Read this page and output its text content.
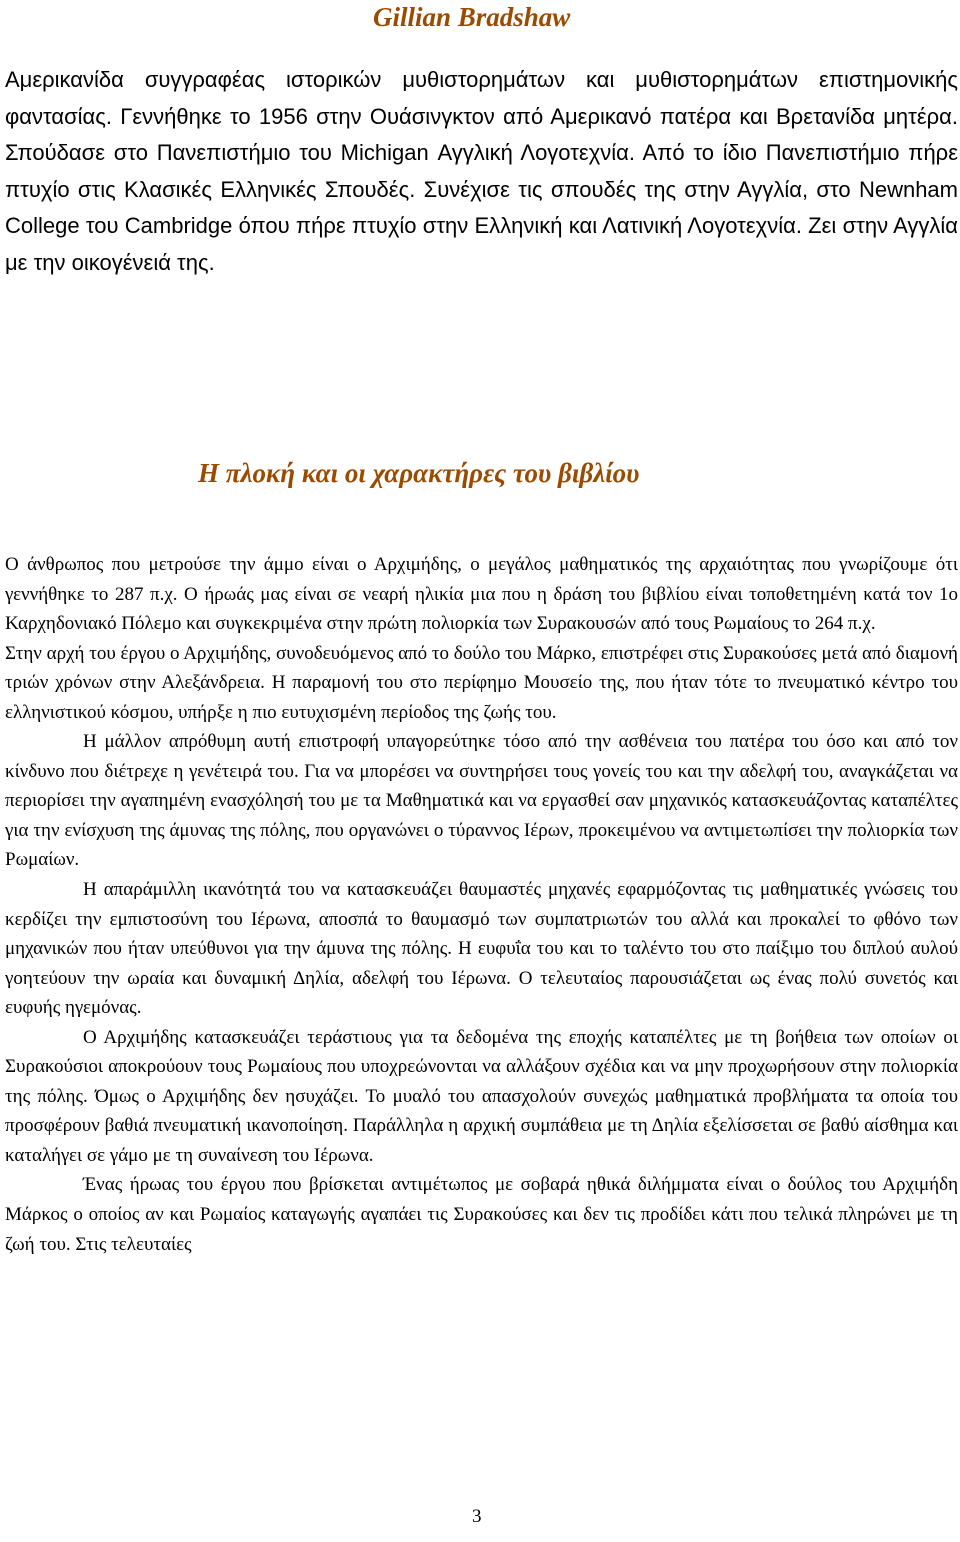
Gillian Bradshaw

Αμερικανίδα συγγραφέας ιστορικών μυθιστορημάτων και μυθιστορημάτων επιστημονικής φαντασίας. Γεννήθηκε το 1956 στην Ουάσινγκτον από Αμερικανό πατέρα και Βρετανίδα μητέρα. Σπούδασε στο Πανεπιστήμιο του Michigan Αγγλική Λογοτεχνία. Από το ίδιο Πανεπιστήμιο πήρε πτυχίο στις Κλασικές Ελληνικές Σπουδές. Συνέχισε τις σπουδές της στην Αγγλία, στο Newnham College του Cambridge όπου πήρε πτυχίο στην Ελληνική και Λατινική Λογοτεχνία. Ζει στην Αγγλία με την οικογένειά της.

Η πλοκή και οι χαρακτήρες του βιβλίου

Ο άνθρωπος που μετρούσε την άμμο είναι ο Αρχιμήδης, ο μεγάλος μαθηματικός της αρχαιότητας που γνωρίζουμε ότι γεννήθηκε το 287 π.χ. Ο ήρωάς μας είναι σε νεαρή ηλικία μια που η δράση του βιβλίου είναι τοποθετημένη κατά τον 1ο Καρχηδονιακό Πόλεμο και συγκεκριμένα στην πρώτη πολιορκία των Συρακουσών από τους Ρωμαίους το 264 π.χ.

Στην αρχή του έργου ο Αρχιμήδης, συνοδευόμενος από το δούλο του Μάρκο, επιστρέφει στις Συρακούσες μετά από διαμονή τριών χρόνων στην Αλεξάνδρεια. Η παραμονή του στο περίφημο Μουσείο της, που ήταν τότε το πνευματικό κέντρο του ελληνιστικού κόσμου, υπήρξε η πιο ευτυχισμένη περίοδος της ζωής του.

Η μάλλον απρόθυμη αυτή επιστροφή υπαγορεύτηκε τόσο από την ασθένεια του πατέρα του όσο και από τον κίνδυνο που διέτρεχε η γενέτειρά του. Για να μπορέσει να συντηρήσει τους γονείς του και την αδελφή του, αναγκάζεται να περιορίσει την αγαπημένη ενασχόλησή του με τα Μαθηματικά και να εργασθεί σαν μηχανικός κατασκευάζοντας καταπέλτες για την ενίσχυση της άμυνας της πόλης, που οργανώνει ο τύραννος Ιέρων, προκειμένου να αντιμετωπίσει την πολιορκία των Ρωμαίων.

Η απαράμιλλη ικανότητά του να κατασκευάζει θαυμαστές μηχανές εφαρμόζοντας τις μαθηματικές γνώσεις του κερδίζει την εμπιστοσύνη του Ιέρωνα, αποσπά το θαυμασμό των συμπατριωτών του αλλά και προκαλεί το φθόνο των μηχανικών που ήταν υπεύθυνοι για την άμυνα της πόλης. Η ευφυΐα του και το ταλέντο του στο παίξιμο του διπλού αυλού γοητεύουν την ωραία και δυναμική Δηλία, αδελφή του Ιέρωνα. Ο τελευταίος παρουσιάζεται ως ένας πολύ συνετός και ευφυής ηγεμόνας.

Ο Αρχιμήδης κατασκευάζει τεράστιους για τα δεδομένα της εποχής καταπέλτες με τη βοήθεια των οποίων οι Συρακούσιοι αποκρούουν τους Ρωμαίους που υποχρεώνονται να αλλάξουν σχέδια και να μην προχωρήσουν στην πολιορκία της πόλης. Όμως ο Αρχιμήδης δεν ησυχάζει. Το μυαλό του απασχολούν συνεχώς μαθηματικά προβλήματα τα οποία του προσφέρουν βαθιά πνευματική ικανοποίηση. Παράλληλα η αρχική συμπάθεια με τη Δηλία εξελίσσεται σε βαθύ αίσθημα και καταλήγει σε γάμο με τη συναίνεση του Ιέρωνα.

Ένας ήρωας του έργου που βρίσκεται αντιμέτωπος με σοβαρά ηθικά διλήμματα είναι ο δούλος του Αρχιμήδη Μάρκος ο οποίος αν και Ρωμαίος καταγωγής αγαπάει τις Συρακούσες και δεν τις προδίδει κάτι που τελικά πληρώνει με τη ζωή του. Στις τελευταίες

3
